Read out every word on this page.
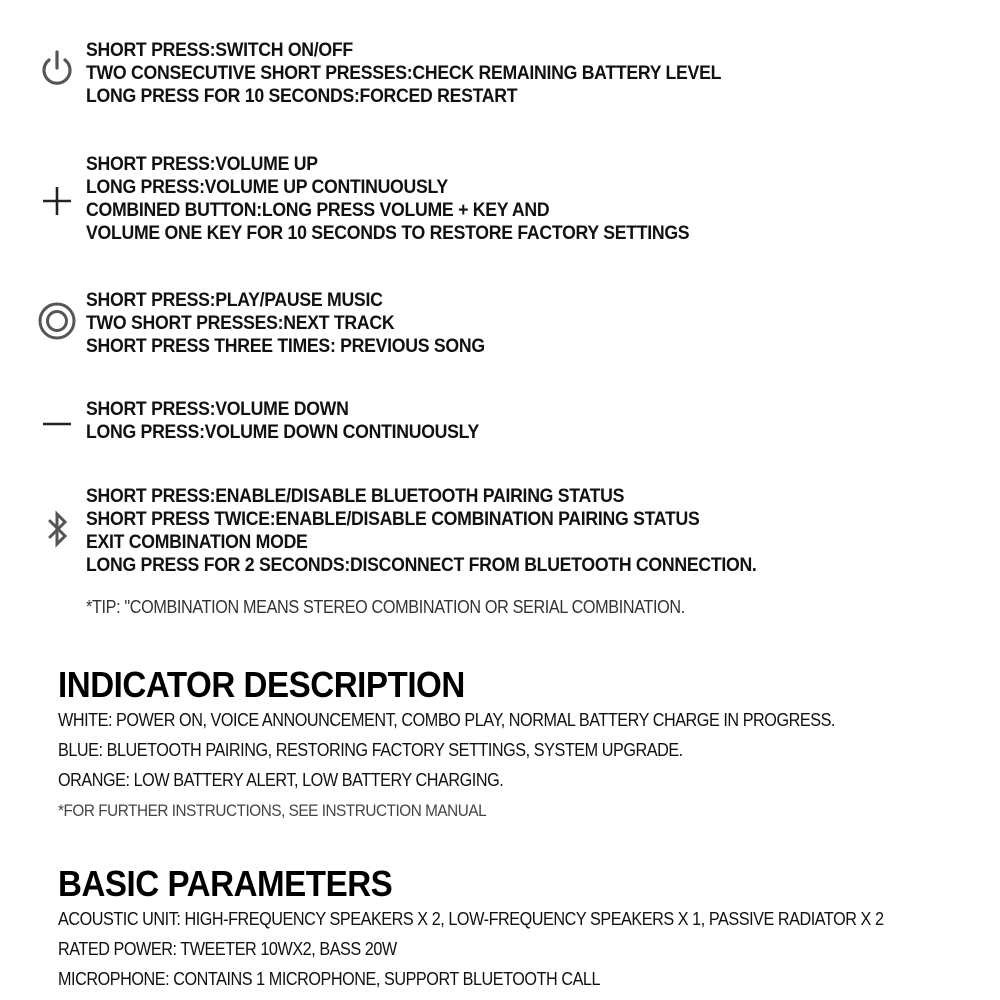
SHORT PRESS:SWITCH ON/OFF
TWO CONSECUTIVE SHORT PRESSES:CHECK REMAINING BATTERY LEVEL
LONG PRESS FOR 10 SECONDS:FORCED RESTART
SHORT PRESS:VOLUME UP
LONG PRESS:VOLUME UP CONTINUOUSLY
COMBINED BUTTON:LONG PRESS VOLUME + KEY AND
VOLUME ONE KEY FOR 10 SECONDS TO RESTORE FACTORY SETTINGS
SHORT PRESS:PLAY/PAUSE MUSIC
TWO SHORT PRESSES:NEXT TRACK
SHORT PRESS THREE TIMES: PREVIOUS SONG
SHORT PRESS:VOLUME DOWN
LONG PRESS:VOLUME DOWN CONTINUOUSLY
SHORT PRESS:ENABLE/DISABLE BLUETOOTH PAIRING STATUS
SHORT PRESS TWICE:ENABLE/DISABLE COMBINATION PAIRING STATUS
EXIT COMBINATION MODE
LONG PRESS FOR 2 SECONDS:DISCONNECT FROM BLUETOOTH CONNECTION.
*TIP: "COMBINATION MEANS STEREO COMBINATION OR SERIAL COMBINATION.
INDICATOR DESCRIPTION
WHITE: POWER ON, VOICE ANNOUNCEMENT, COMBO PLAY, NORMAL BATTERY CHARGE IN PROGRESS.
BLUE: BLUETOOTH PAIRING, RESTORING FACTORY SETTINGS, SYSTEM UPGRADE.
ORANGE: LOW BATTERY ALERT, LOW BATTERY CHARGING.
*FOR FURTHER INSTRUCTIONS, SEE INSTRUCTION MANUAL
BASIC PARAMETERS
ACOUSTIC UNIT: HIGH-FREQUENCY SPEAKERS X 2, LOW-FREQUENCY SPEAKERS X 1, PASSIVE RADIATOR X 2
RATED POWER: TWEETER 10WX2, BASS 20W
MICROPHONE: CONTAINS 1 MICROPHONE, SUPPORT BLUETOOTH CALL
